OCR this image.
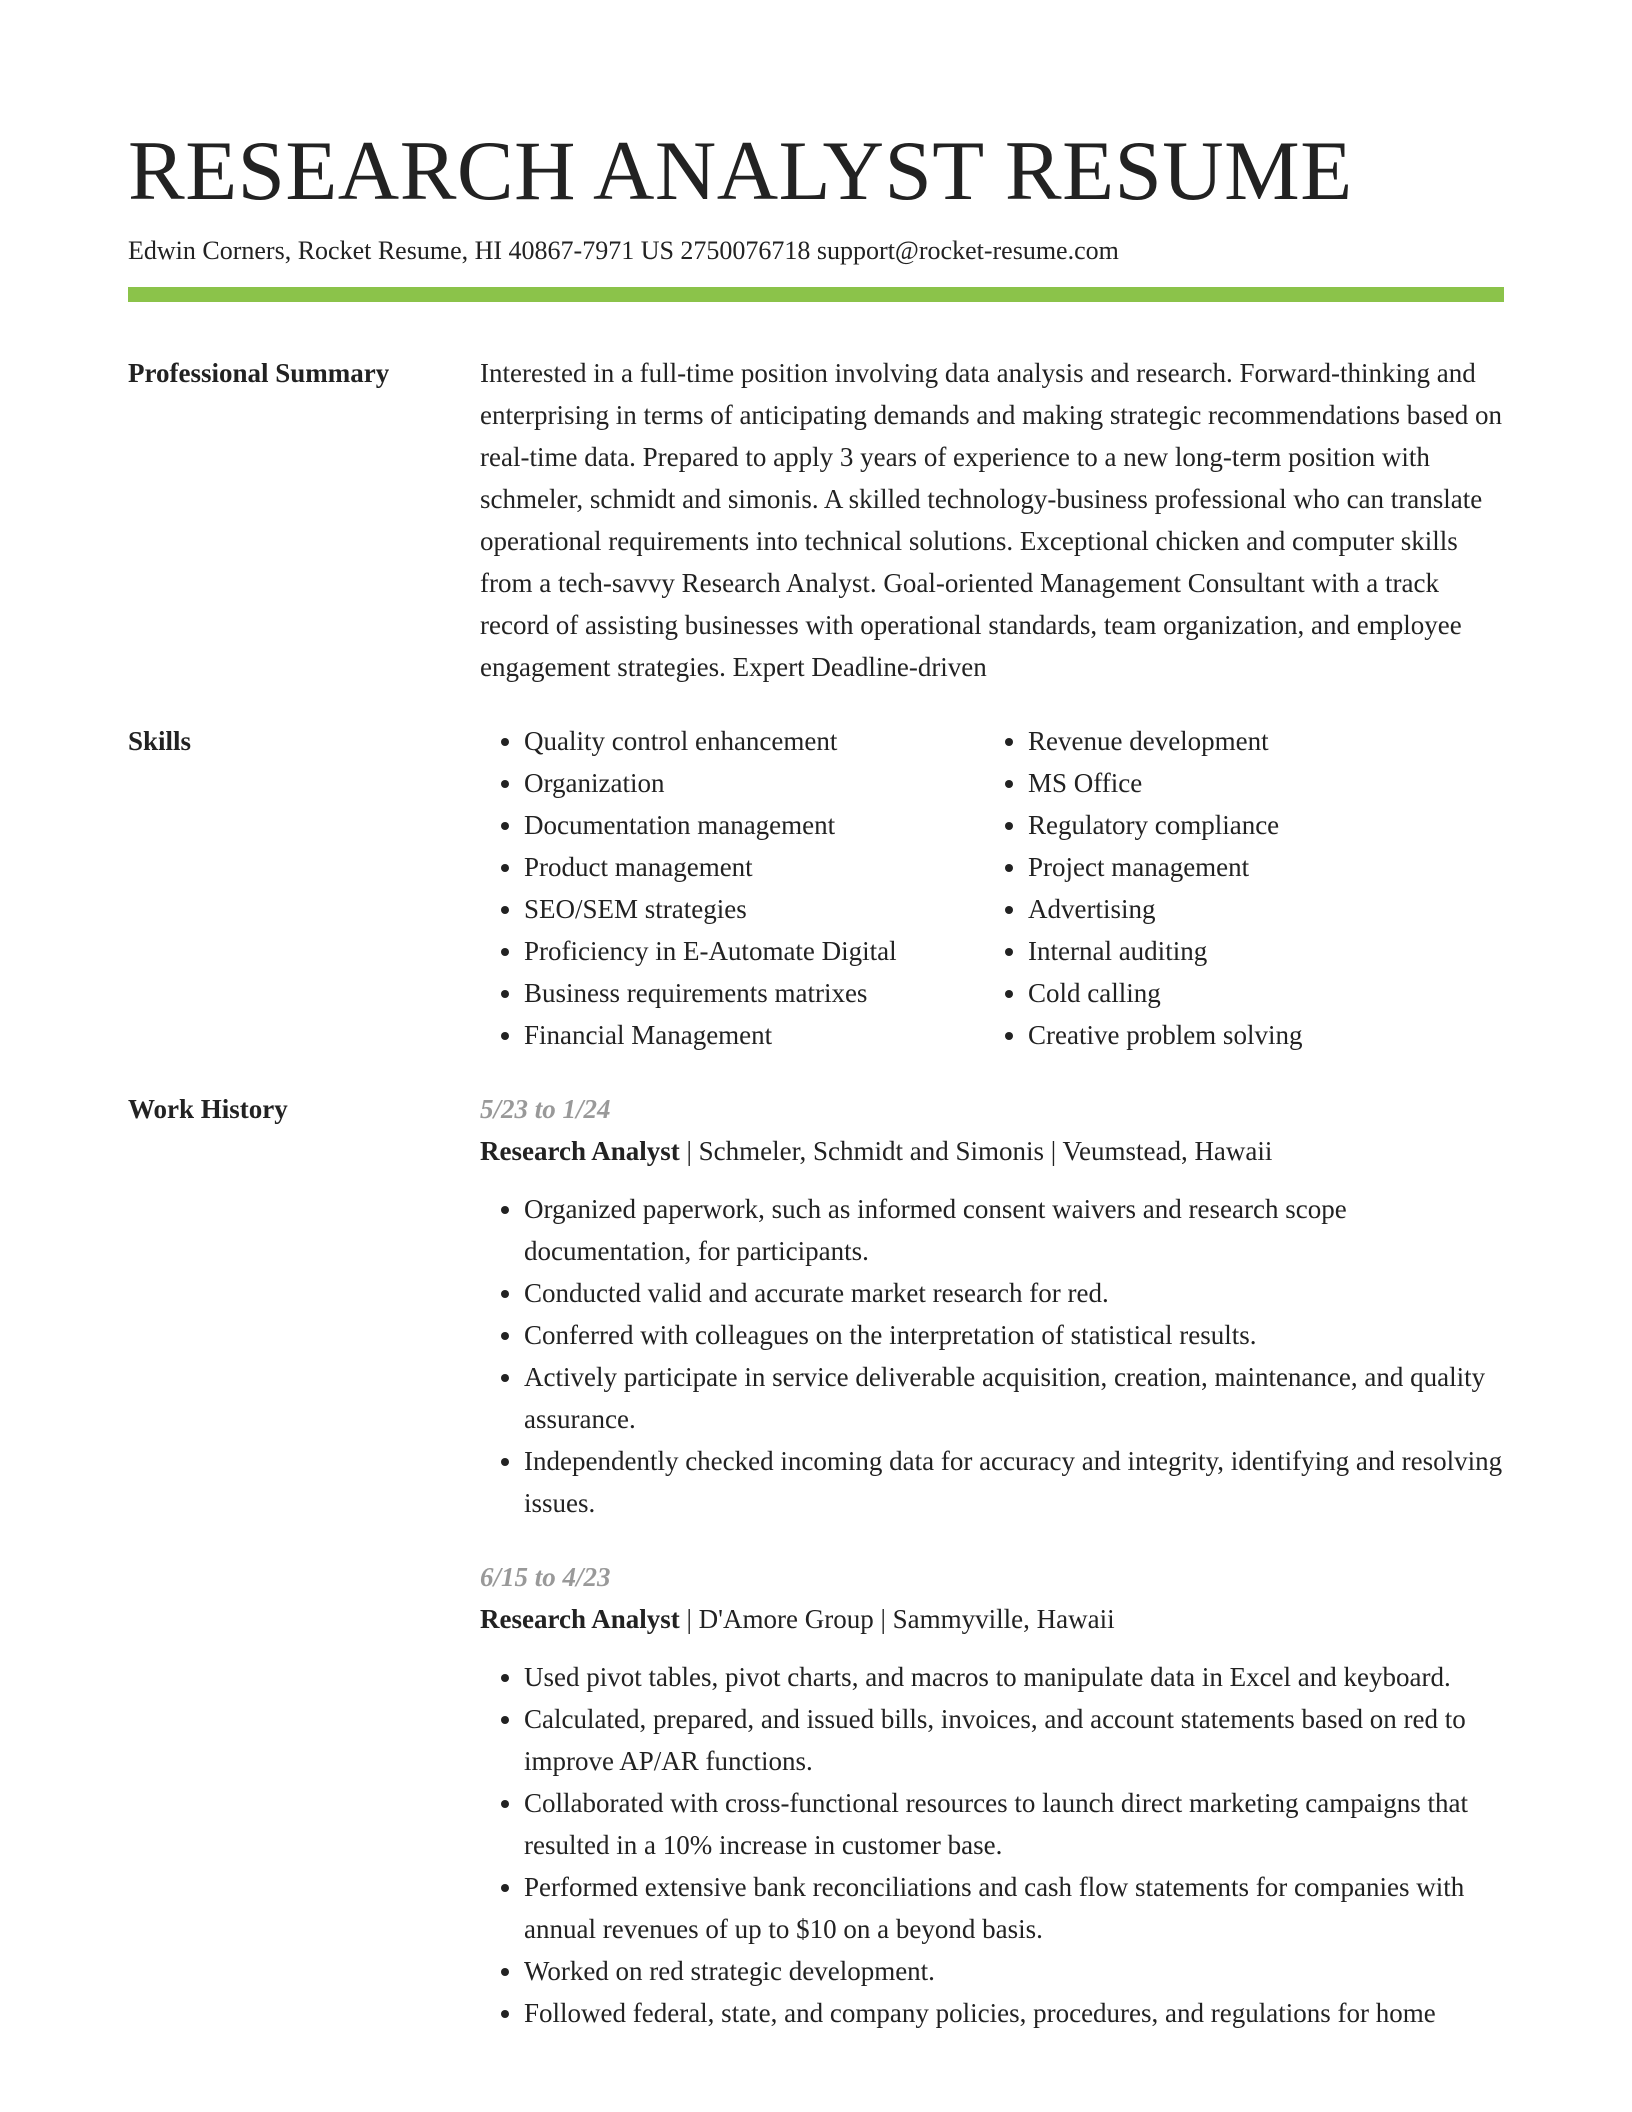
RESEARCH ANALYST RESUME
Edwin Corners, Rocket Resume, HI 40867-7971 US 2750076718 support@rocket-resume.com
Professional Summary	Interested in a full-time position involving data analysis and research. Forward-thinking and enterprising in terms of anticipating demands and making strategic recommendations based on real-time data. Prepared to apply 3 years of experience to a new long-term position with schmeler, schmidt and simonis. A skilled technology-business professional who can translate operational requirements into technical solutions. Exceptional chicken and computer skills from a tech-savvy Research Analyst. Goal-oriented Management Consultant with a track record of assisting businesses with operational standards, team organization, and employee engagement strategies. Expert Deadline-driven

Skills
•	Quality control enhancement
• Organization
• Documentation management
• Product management
• SEO/SEM strategies
• Proficiency in E-Automate Digital
• Business requirements matrixes
• Financial Management
• Revenue development
• MS Office
• Regulatory compliance
• Project management
• Advertising
• Internal auditing
• Cold calling
• Creative problem solving
Work History	5/23 to 1/24
Research Analyst | Schmeler, Schmidt and Simonis | Veumstead, Hawaii
• Organized paperwork, such as informed consent waivers and research scope documentation, for participants.
• Conducted valid and accurate market research for red.
• Conferred with colleagues on the interpretation of statistical results.
• Actively participate in service deliverable acquisition, creation, maintenance, and quality assurance.
• Independently checked incoming data for accuracy and integrity, identifying and resolving issues.
6/15 to 4/23
Research Analyst | D'Amore Group | Sammyville, Hawaii
• Used pivot tables, pivot charts, and macros to manipulate data in Excel and keyboard.
• Calculated, prepared, and issued bills, invoices, and account statements based on red to improve AP/AR functions.
• Collaborated with cross-functional resources to launch direct marketing campaigns that resulted in a 10% increase in customer base.
• Performed extensive bank reconciliations and cash flow statements for companies with annual revenues of up to $10 on a beyond basis.
• Worked on red strategic development.
• Followed federal, state, and company policies, procedures, and regulations for home
